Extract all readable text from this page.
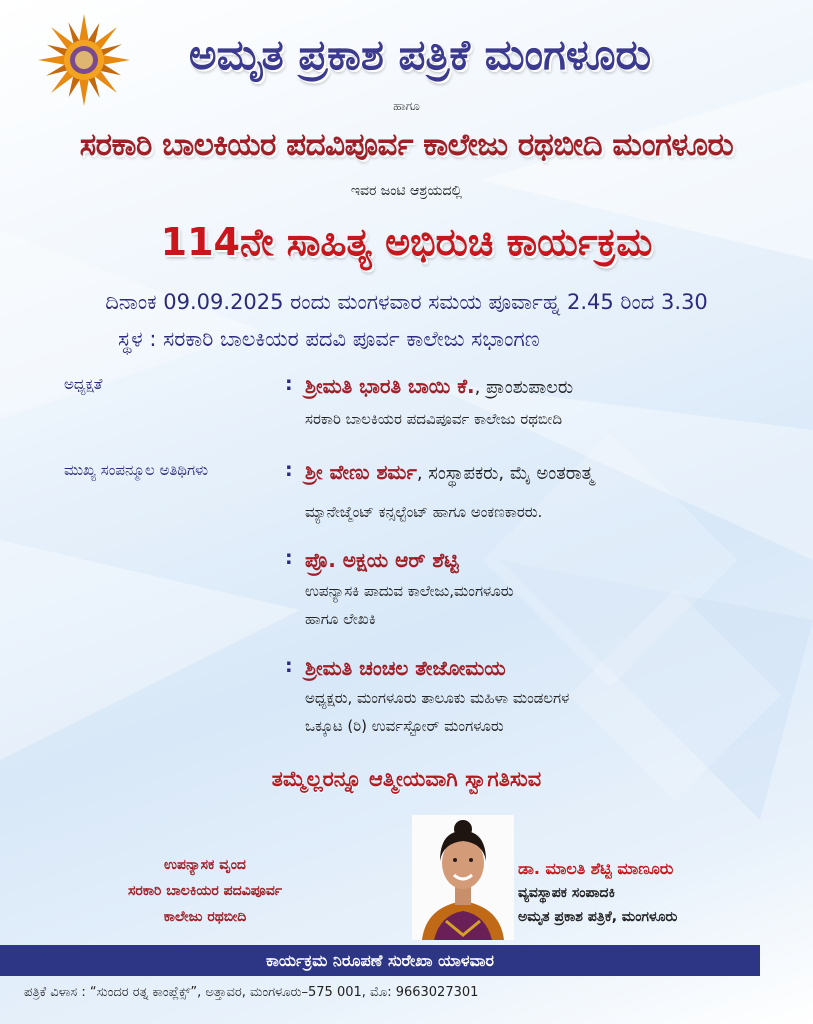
ಅಮೃತ ಪ್ರಕಾಶ ಪತ್ರಿಕೆ ಮಂಗಳೂರು
ಹಾಗೂ
ಸರಕಾರಿ ಬಾಲಕಿಯರ ಪದವಿಪೂರ್ವ ಕಾಲೇಜು ರಥಬೀದಿ ಮಂಗಳೂರು
ಇವರ ಜಂಟಿ ಆಶ್ರಯದಲ್ಲಿ
114ನೇ ಸಾಹಿತ್ಯ ಅಭಿರುಚಿ ಕಾರ್ಯಕ್ರಮ
ದಿನಾಂಕ 09.09.2025 ರಂದು ಮಂಗಳವಾರ ಸಮಯ ಪೂರ್ವಾಹ್ನ 2.45 ರಿಂದ 3.30
ಸ್ಥಳ : ಸರಕಾರಿ ಬಾಲಕಿಯರ ಪದವಿ ಪೂರ್ವ ಕಾಲೇಜು ಸಭಾಂಗಣ
ಅಧ್ಯಕ್ಷತೆ	: ಶ್ರೀಮತಿ ಭಾರತಿ ಬಾಯಿ ಕೆ., ಪ್ರಾಂಶುಪಾಲರು
ಸರಕಾರಿ ಬಾಲಕಿಯರ ಪದವಿಪೂರ್ವ ಕಾಲೇಜು ರಥಬೀದಿ
ಮುಖ್ಯ ಸಂಪನ್ಮೂಲ ಅತಿಥಿಗಳು	: ಶ್ರೀ ವೇಣು ಶರ್ಮ, ಸಂಸ್ಥಾಪಕರು, ಮೈ ಅಂತರಾತ್ಮ
ಮ್ಯಾನೇಜ್ಮೆಂಟ್ ಕನ್ಸಲ್ಟೆಂಟ್ ಹಾಗೂ ಅಂಕಣಕಾರರು.
: ಪ್ರೊ. ಅಕ್ಷಯ ಆರ್ ಶೆಟ್ಟಿ
ಉಪನ್ಯಾಸಕಿ ಪಾದುವ ಕಾಲೇಜು,ಮಂಗಳೂರು
ಹಾಗೂ ಲೇಖಕಿ
: ಶ್ರೀಮತಿ ಚಂಚಲ ತೇಜೋಮಯ
ಅಧ್ಯಕ್ಷರು, ಮಂಗಳೂರು ತಾಲೂಕು ಮಹಿಳಾ ಮಂಡಲಗಳ
ಒಕ್ಕೂಟ (ರಿ) ಉರ್ವಸ್ಟೋರ್ ಮಂಗಳೂರು
ತಮ್ಮೆಲ್ಲರನ್ನೂ ಆತ್ಮೀಯವಾಗಿ ಸ್ವಾಗತಿಸುವ
ಉಪನ್ಯಾಸಕ ವೃಂದ
ಸರಕಾರಿ ಬಾಲಕಿಯರ ಪದವಿಪೂರ್ವ
ಕಾಲೇಜು ರಥಬೀದಿ
ಡಾ. ಮಾಲತಿ ಶೆಟ್ಟಿ ಮಾಣೂರು
ವ್ಯವಸ್ಥಾಪಕ ಸಂಪಾದಕಿ
ಅಮೃತ ಪ್ರಕಾಶ ಪತ್ರಿಕೆ, ಮಂಗಳೂರು
ಕಾರ್ಯಕ್ರಮ ನಿರೂಪಣೆ ಸುರೇಖಾ ಯಾಳವಾರ
ಪತ್ರಿಕೆ ವಿಳಾಸ : “ಸುಂದರ ರತ್ನ ಕಾಂಪ್ಲೆಕ್ಸ್”, ಅತ್ತಾವರ, ಮಂಗಳೂರು–575 001, ಮೊ: 9663027301
